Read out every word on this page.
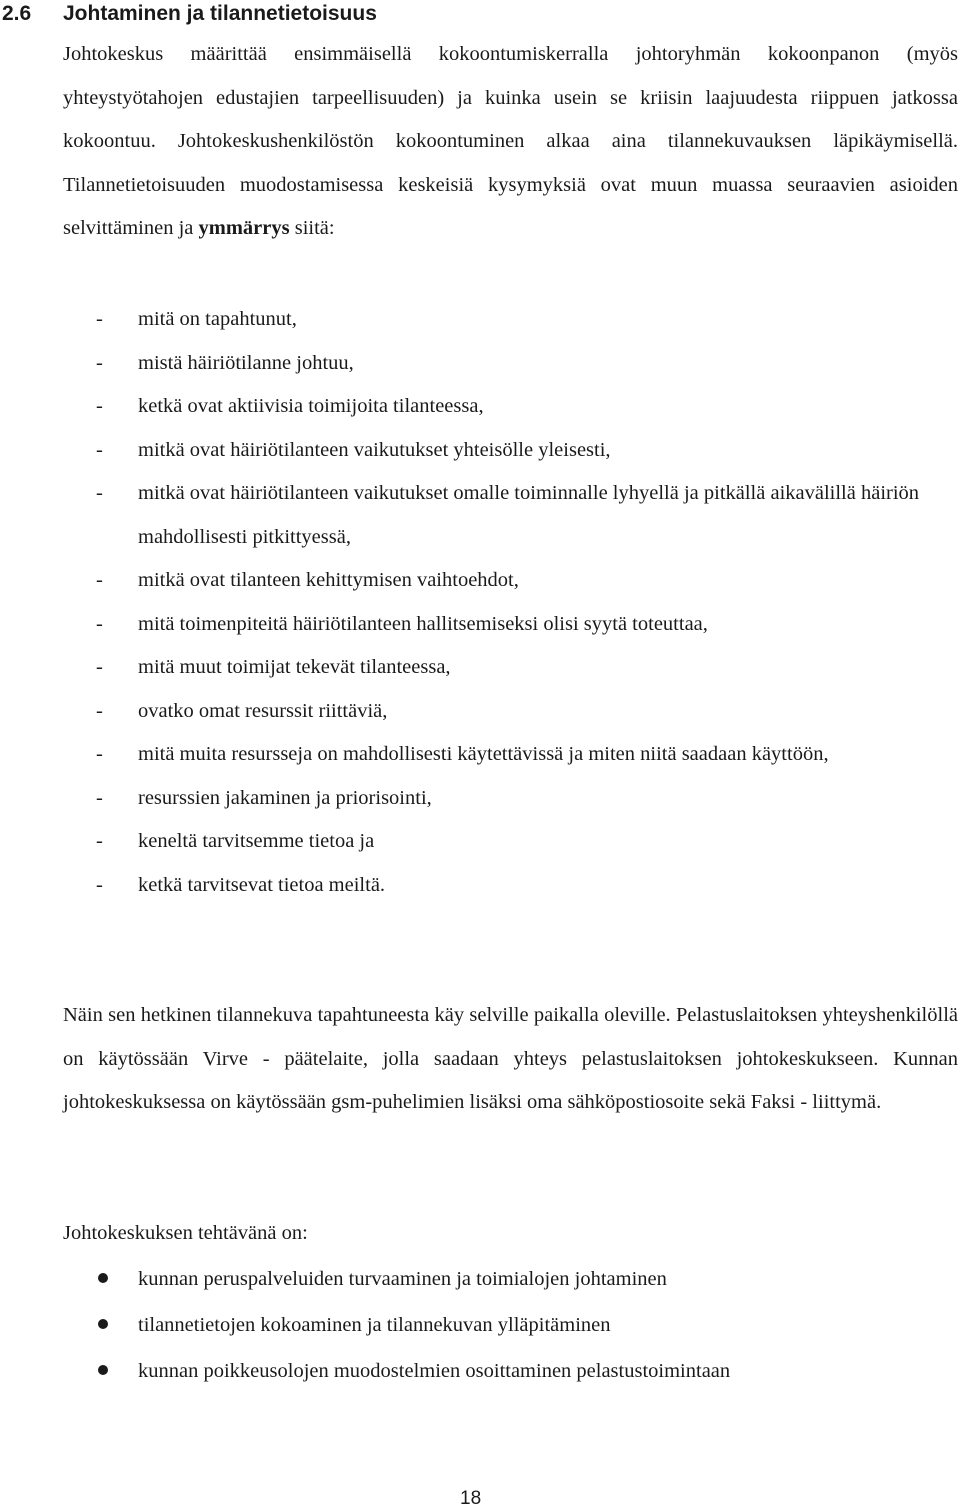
2.6 Johtaminen ja tilannetietoisuus
Johtokeskus määrittää ensimmäisellä kokoontumiskerralla johtoryhmän kokoonpanon (myös yhteystyötahojen edustajien tarpeellisuuden) ja kuinka usein se kriisin laajuudesta riippuen jatkossa kokoontuu. Johtokeskushenkilöstön kokoontuminen alkaa aina tilannekuvauksen läpikäymisellä. Tilannetietoisuuden muodostamisessa keskeisiä kysymyksiä ovat muun muassa seuraavien asioiden selvittäminen ja ymmärrys siitä:
- mitä on tapahtunut,
- mistä häiriötilanne johtuu,
- ketkä ovat aktiivisia toimijoita tilanteessa,
- mitkä ovat häiriötilanteen vaikutukset yhteisölle yleisesti,
- mitkä ovat häiriötilanteen vaikutukset omalle toiminnalle lyhyellä ja pitkällä aikavälillä häiriön mahdollisesti pitkittyessä,
- mitkä ovat tilanteen kehittymisen vaihtoehdot,
- mitä toimenpiteitä häiriötilanteen hallitsemiseksi olisi syytä toteuttaa,
- mitä muut toimijat tekevät tilanteessa,
- ovatko omat resurssit riittäviä,
- mitä muita resursseja on mahdollisesti käytettävissä ja miten niitä saadaan käyttöön,
- resurssien jakaminen ja priorisointi,
- keneltä tarvitsemme tietoa ja
- ketkä tarvitsevat tietoa meiltä.
Näin sen hetkinen tilannekuva tapahtuneesta käy selville paikalla oleville. Pelastuslaitoksen yhteyshenkilöllä on käytössään Virve - päätelaite, jolla saadaan yhteys pelastuslaitoksen johtokeskukseen. Kunnan johtokeskuksessa on käytössään gsm-puhelimien lisäksi oma sähköpostiosoite sekä Faksi - liittymä.
Johtokeskuksen tehtävänä on:
kunnan peruspalveluiden turvaaminen ja toimialojen johtaminen
tilannetietojen kokoaminen ja tilannekuvan ylläpitäminen
kunnan poikkeusolojen muodostelmien osoittaminen pelastustoimintaan
18
